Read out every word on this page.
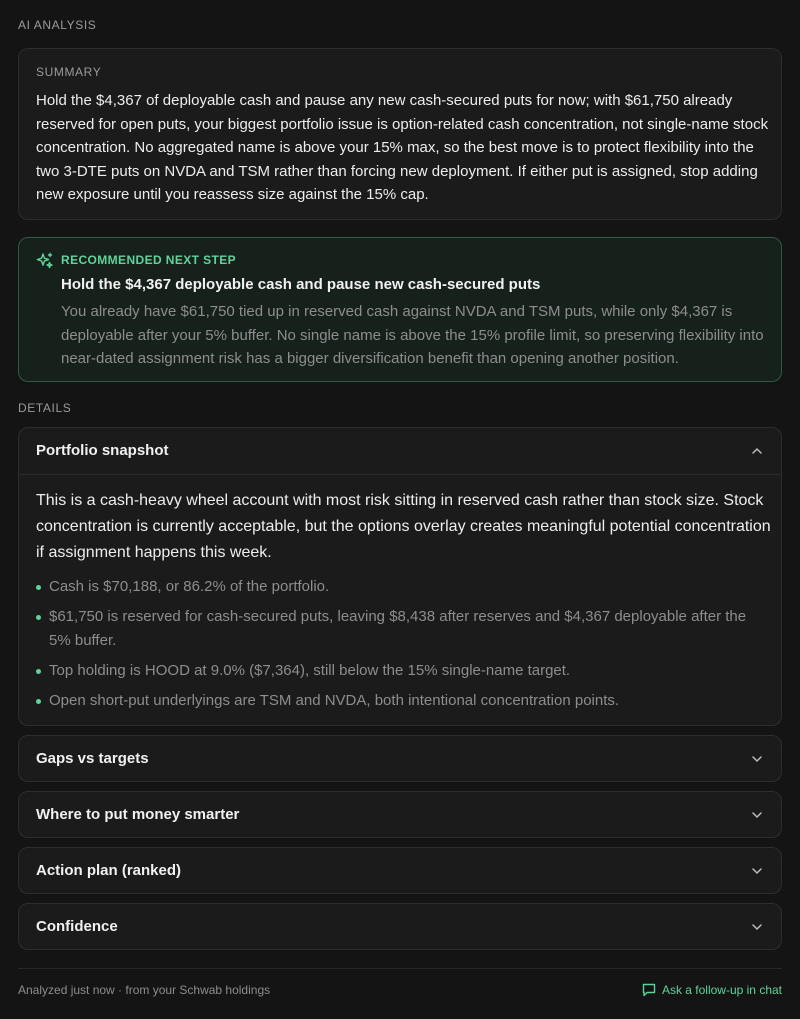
AI ANALYSIS
SUMMARY
Hold the $4,367 of deployable cash and pause any new cash-secured puts for now; with $61,750 already reserved for open puts, your biggest portfolio issue is option-related cash concentration, not single-name stock concentration. No aggregated name is above your 15% max, so the best move is to protect flexibility into the two 3-DTE puts on NVDA and TSM rather than forcing new deployment. If either put is assigned, stop adding new exposure until you reassess size against the 15% cap.
RECOMMENDED NEXT STEP
Hold the $4,367 deployable cash and pause new cash-secured puts
You already have $61,750 tied up in reserved cash against NVDA and TSM puts, while only $4,367 is deployable after your 5% buffer. No single name is above the 15% profile limit, so preserving flexibility into near-dated assignment risk has a bigger diversification benefit than opening another position.
DETAILS
Portfolio snapshot
This is a cash-heavy wheel account with most risk sitting in reserved cash rather than stock size. Stock concentration is currently acceptable, but the options overlay creates meaningful potential concentration if assignment happens this week.
Cash is $70,188, or 86.2% of the portfolio.
$61,750 is reserved for cash-secured puts, leaving $8,438 after reserves and $4,367 deployable after the 5% buffer.
Top holding is HOOD at 9.0% ($7,364), still below the 15% single-name target.
Open short-put underlyings are TSM and NVDA, both intentional concentration points.
Gaps vs targets
Where to put money smarter
Action plan (ranked)
Confidence
Analyzed just now · from your Schwab holdings	Ask a follow-up in chat
